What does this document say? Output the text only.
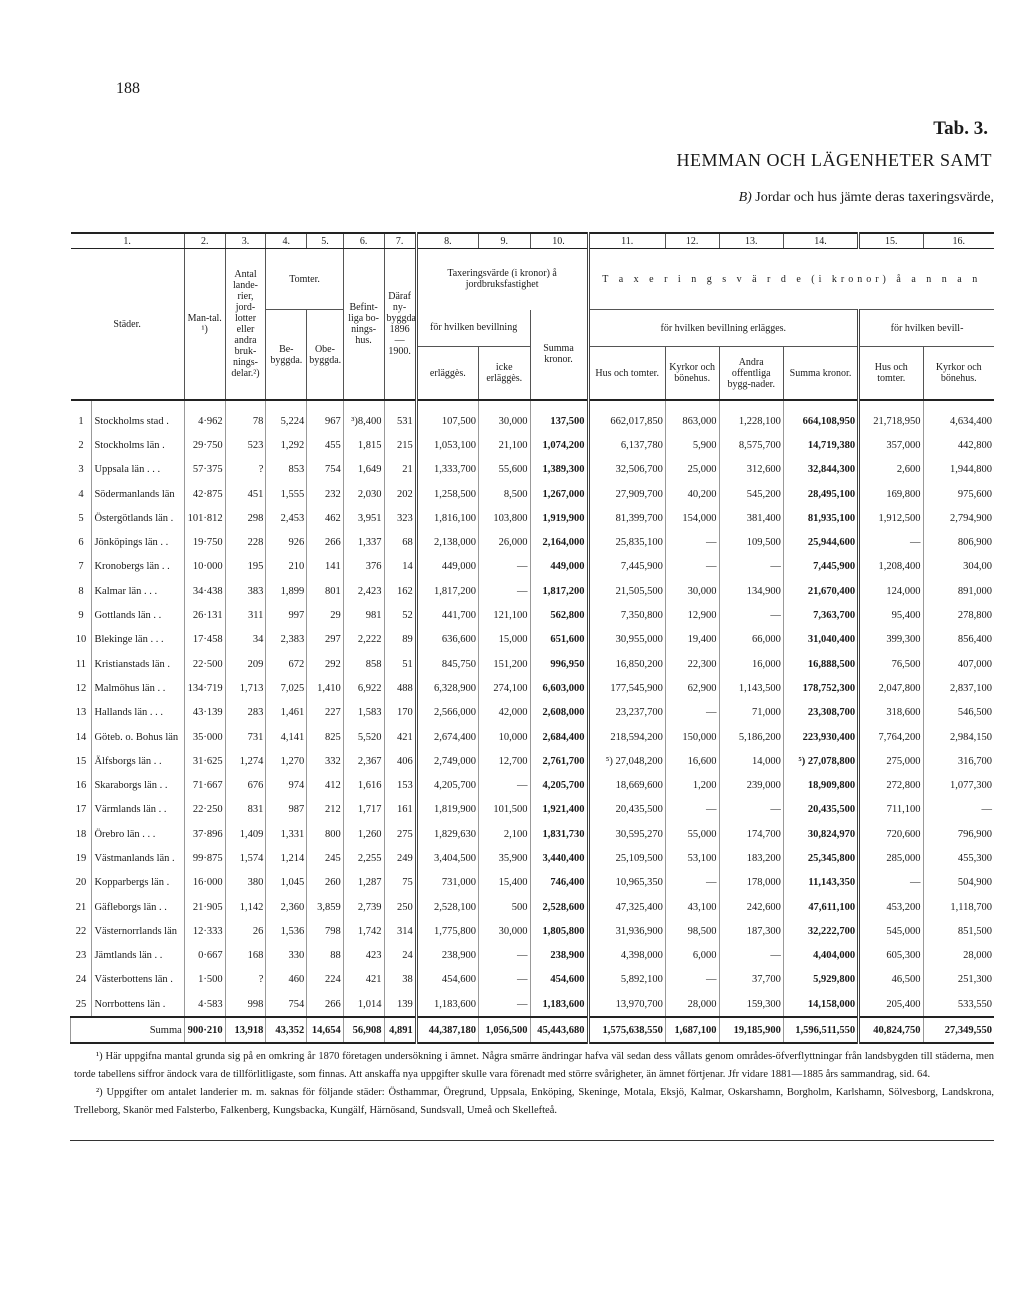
188
Tab. 3.
HEMMAN OCH LÄGENHETER SAMT
B) Jordar och hus jämte deras taxeringsvärde,
1.		2.	3.	4.	5.	6.	7.	8.	9.	10.	11.	12.	13.	14.	15.	16.
Städer.		Man-tal. ¹)	Antal lande-rier, jord-lotter eller andra bruk-nings-delar.²)	Tomter.		Befint-liga bo-nings-hus.	Däraf ny-byggda 1896—1900.	Taxeringsvärde (i kronor) å jordbruksfastighet			T a x e r i n g s v ä r d e (i kronor) å a n n a n					
				Be-byggda.	Obe-byggda.			för hvilken bevillning		Summa kronor.	för hvilken bevillning erlägges.				för hvilken bevill-	
								erläggès.	icke erläggès.		Hus och tomter.	Kyrkor och bönehus.	Andra offentliga bygg-nader.	Summa kronor.	Hus och tomter.	Kyrkor och bönehus.
1	Stockholms stad .	4·962	78	5,224	967	³)8,400	531	107,500	30,000	137,500	662,017,850	863,000	1,228,100	664,108,950	21,718,950	4,634,400
2	Stockholms län .	29·750	523	1,292	455	1,815	215	1,053,100	21,100	1,074,200	6,137,780	5,900	8,575,700	14,719,380	357,000	442,800
3	Uppsala län . . .	57·375	?	853	754	1,649	21	1,333,700	55,600	1,389,300	32,506,700	25,000	312,600	32,844,300	2,600	1,944,800
4	Södermanlands län	42·875	451	1,555	232	2,030	202	1,258,500	8,500	1,267,000	27,909,700	40,200	545,200	28,495,100	169,800	975,600
5	Östergötlands län .	101·812	298	2,453	462	3,951	323	1,816,100	103,800	1,919,900	81,399,700	154,000	381,400	81,935,100	1,912,500	2,794,900
6	Jönköpings län . .	19·750	228	926	266	1,337	68	2,138,000	26,000	2,164,000	25,835,100	—	109,500	25,944,600	—	806,900
7	Kronobergs län . .	10·000	195	210	141	376	14	449,000	—	449,000	7,445,900	—	—	7,445,900	1,208,400	304,00
8	Kalmar län . . .	34·438	383	1,899	801	2,423	162	1,817,200	—	1,817,200	21,505,500	30,000	134,900	21,670,400	124,000	891,000
9	Gottlands län . .	26·131	311	997	29	981	52	441,700	121,100	562,800	7,350,800	12,900	—	7,363,700	95,400	278,800
10	Blekinge län . . .	17·458	34	2,383	297	2,222	89	636,600	15,000	651,600	30,955,000	19,400	66,000	31,040,400	399,300	856,400
11	Kristianstads län .	22·500	209	672	292	858	51	845,750	151,200	996,950	16,850,200	22,300	16,000	16,888,500	76,500	407,000
12	Malmöhus län . .	134·719	1,713	7,025	1,410	6,922	488	6,328,900	274,100	6,603,000	177,545,900	62,900	1,143,500	178,752,300	2,047,800	2,837,100
13	Hallands län . . .	43·139	283	1,461	227	1,583	170	2,566,000	42,000	2,608,000	23,237,700	—	71,000	23,308,700	318,600	546,500
14	Göteb. o. Bohus län	35·000	731	4,141	825	5,520	421	2,674,400	10,000	2,684,400	218,594,200	150,000	5,186,200	223,930,400	7,764,200	2,984,150
15	Älfsborgs län . .	31·625	1,274	1,270	332	2,367	406	2,749,000	12,700	2,761,700	⁵) 27,048,200	16,600	14,000	⁵) 27,078,800	275,000	316,700
16	Skaraborgs län . .	71·667	676	974	412	1,616	153	4,205,700	—	4,205,700	18,669,600	1,200	239,000	18,909,800	272,800	1,077,300
17	Värmlands län . .	22·250	831	987	212	1,717	161	1,819,900	101,500	1,921,400	20,435,500	—	—	20,435,500	711,100	—
18	Örebro län . . .	37·896	1,409	1,331	800	1,260	275	1,829,630	2,100	1,831,730	30,595,270	55,000	174,700	30,824,970	720,600	796,900
19	Västmanlands län .	99·875	1,574	1,214	245	2,255	249	3,404,500	35,900	3,440,400	25,109,500	53,100	183,200	25,345,800	285,000	455,300
20	Kopparbergs län .	16·000	380	1,045	260	1,287	75	731,000	15,400	746,400	10,965,350	—	178,000	11,143,350	—	504,900
21	Gäfleborgs län . .	21·905	1,142	2,360	3,859	2,739	250	2,528,100	500	2,528,600	47,325,400	43,100	242,600	47,611,100	453,200	1,118,700
22	Västernorrlands län	12·333	26	1,536	798	1,742	314	1,775,800	30,000	1,805,800	31,936,900	98,500	187,300	32,222,700	545,000	851,500
23	Jämtlands län . .	0·667	168	330	88	423	24	238,900	—	238,900	4,398,000	6,000	—	4,404,000	605,300	28,000
24	Västerbottens län .	1·500	?	460	224	421	38	454,600	—	454,600	5,892,100	—	37,700	5,929,800	46,500	251,300
25	Norrbottens län .	4·583	998	754	266	1,014	139	1,183,600	—	1,183,600	13,970,700	28,000	159,300	14,158,000	205,400	533,550
Summa		900·210	13,918	43,352	14,654	56,908	4,891	44,387,180	1,056,500	45,443,680	1,575,638,550	1,687,100	19,185,900	1,596,511,550	40,824,750	27,349,550

¹) Här uppgifna mantal grunda sig på en omkring år 1870 företagen undersökning i ämnet. Några smärre ändringar hafva väl sedan dess vållats genom områdes-öfverflyttningar från landsbygden till städerna, men torde tabellens siffror ändock vara de tillförlitligaste, som finnas. Att anskaffa nya uppgifter skulle vara förenadt med större svårigheter, än ämnet förtjenar. Jfr vidare 1881—1885 års sammandrag, sid. 64.

²) Uppgifter om antalet landerier m. m. saknas för följande städer: Östhammar, Öregrund, Uppsala, Enköping, Skeninge, Motala, Eksjö, Kalmar, Oskarshamn, Borgholm, Karlshamn, Sölvesborg, Landskrona, Trelleborg, Skanör med Falsterbo, Falkenberg, Kungsbacka, Kungälf, Härnösand, Sundsvall, Umeå och Skellefteå.
